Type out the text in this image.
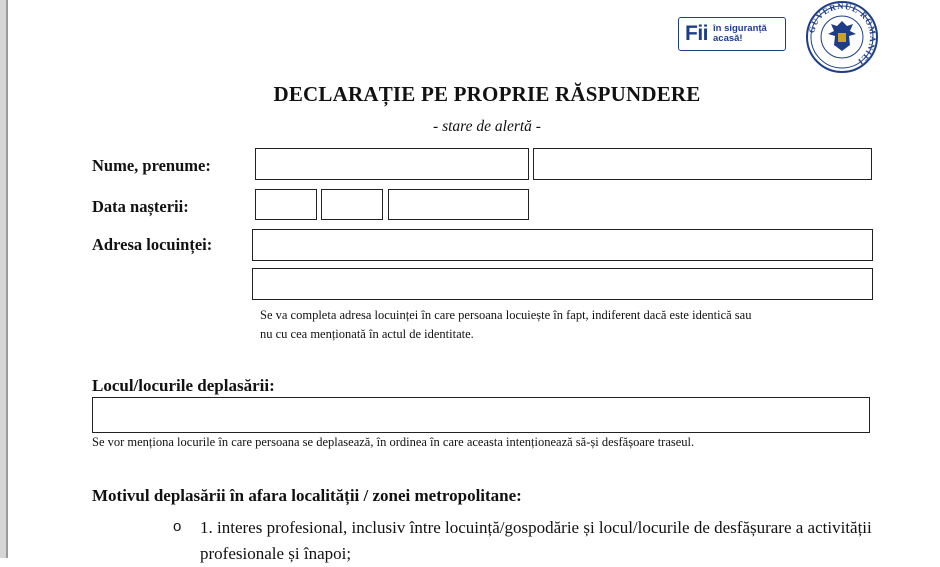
Fii în siguranță
acasă!
GUVERNUL ROMÂNIEI
DECLARAȚIE PE PROPRIE RĂSPUNDERE
- stare de alertă -
Nume, prenume:
Data nașterii:
Adresa locuinței:
Se va completa adresa locuinței în care persoana locuiește în fapt, indiferent dacă este identică sau
nu cu cea menționată în actul de identitate.
Locul/locurile deplasării:
Se vor menționa locurile în care persoana se deplasează, în ordinea în care aceasta intenționează să-și desfășoare traseul.
Motivul deplasării în afara localității / zonei metropolitane:
o 1. interes profesional, inclusiv între locuință/gospodărie și locul/locurile de desfășurare a activității profesionale și înapoi;
